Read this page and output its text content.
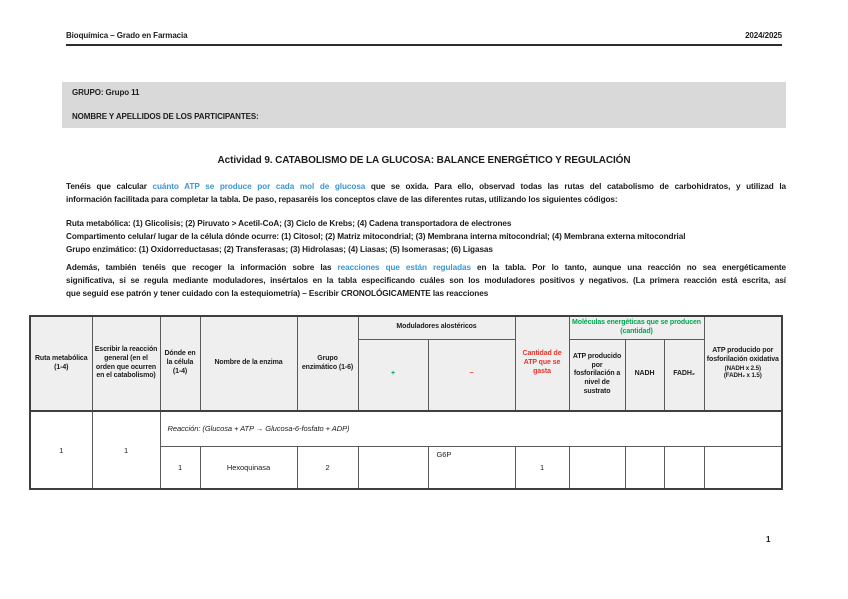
Bioquímica – Grado en Farmacia	2024/2025
GRUPO: Grupo 11
NOMBRE Y APELLIDOS DE LOS PARTICIPANTES:
Actividad 9. CATABOLISMO DE LA GLUCOSA: BALANCE ENERGÉTICO Y REGULACIÓN
Tenéis que calcular cuánto ATP se produce por cada mol de glucosa que se oxida. Para ello, observad todas las rutas del catabolismo de carbohidratos, y utilizad la
información facilitada para completar la tabla. De paso, repasaréis los conceptos clave de las diferentes rutas, utilizando los siguientes códigos:
Ruta metabólica: (1) Glicolisis; (2) Piruvato > Acetil-CoA; (3) Ciclo de Krebs; (4) Cadena transportadora de electrones
Compartimento celular/ lugar de la célula dónde ocurre: (1) Citosol; (2) Matriz mitocondrial; (3) Membrana interna mitocondrial; (4) Membrana externa mitocondrial
Grupo enzimático: (1) Oxidorreductasas; (2) Transferasas; (3) Hidrolasas; (4) Liasas; (5) Isomerasas; (6) Ligasas
Además, también tenéis que recoger la información sobre las reacciones que están reguladas en la tabla. Por lo tanto, aunque una reacción no sea energéticamente
significativa, si se regula mediante moduladores, insértalos en la tabla especificando cuáles son los moduladores positivos y negativos. (La primera reacción está escrita, así
que seguid ese patrón y tener cuidado con la estequiometría) – Escribir CRONOLÓGICAMENTE las reacciones
Ruta metabólica (1-4)	Escribir la reacción general (en el orden que ocurren en el catabolismo)	Dónde en la célula (1-4)	Nombre de la enzima	Grupo enzimático (1-6)	Moduladores alostéricos		Cantidad de ATP que se gasta	Moléculas energéticas que se producen (cantidad)			ATP producido por fosforilación oxidativa
(NADH x 2.5)
(FADH₂ x 1.5)

					+	−		ATP producido por fosforilación a nivel de sustrato	NADH	FADH₂	
1	1	Reacción: (Glucosa + ATP → Glucosa-6-fosfato + ADP)									
		1	Hexoquinasa	2		G6P	1				
1
